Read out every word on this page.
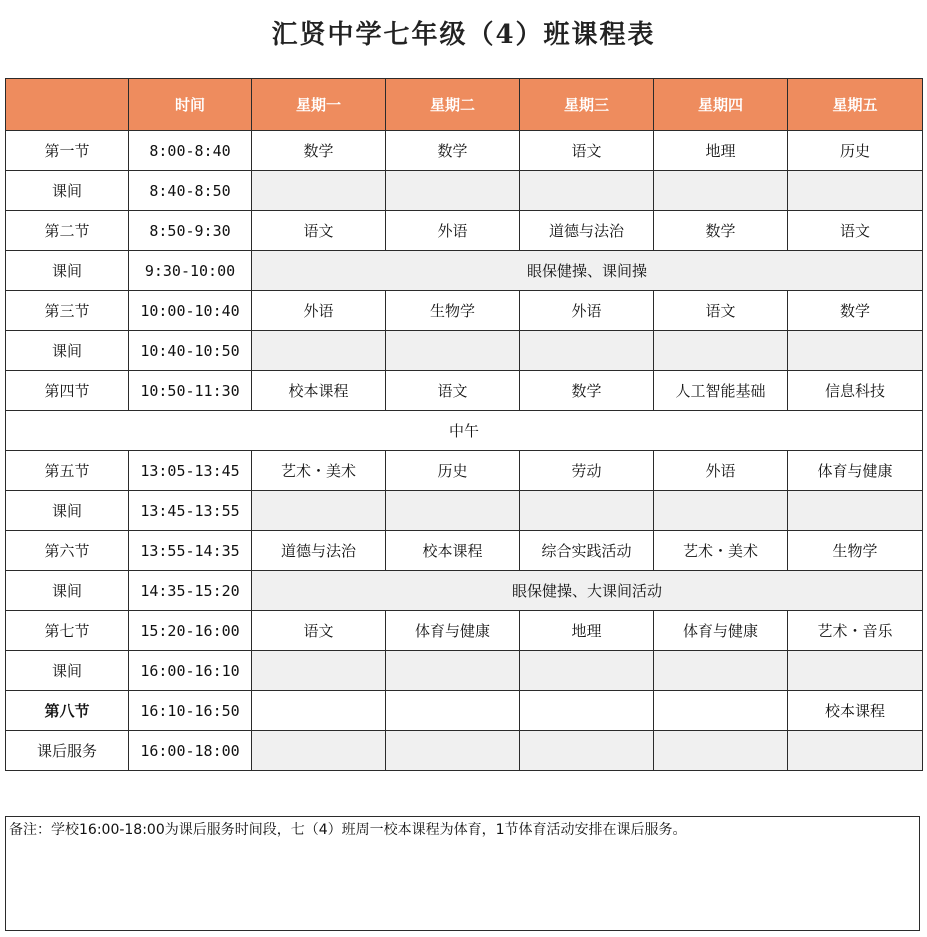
汇贤中学七年级（4）班课程表
	时间	星期一	星期二	星期三	星期四	星期五
第一节	8:00-8:40	数学	数学	语文	地理	历史
课间	8:40-8:50					
第二节	8:50-9:30	语文	外语	道德与法治	数学	语文
课间	9:30-10:00	眼保健操、课间操				
第三节	10:00-10:40	外语	生物学	外语	语文	数学
课间	10:40-10:50					
第四节	10:50-11:30	校本课程	语文	数学	人工智能基础	信息科技
中午						
第五节	13:05-13:45	艺术・美术	历史	劳动	外语	体育与健康
课间	13:45-13:55					
第六节	13:55-14:35	道德与法治	校本课程	综合实践活动	艺术・美术	生物学
课间	14:35-15:20	眼保健操、大课间活动				
第七节	15:20-16:00	语文	体育与健康	地理	体育与健康	艺术・音乐
课间	16:00-16:10					
第八节	16:10-16:50					校本课程
课后服务	16:00-18:00					
备注：学校16:00-18:00为课后服务时间段，七（4）班周一校本课程为体育，1节体育活动安排在课后服务。
